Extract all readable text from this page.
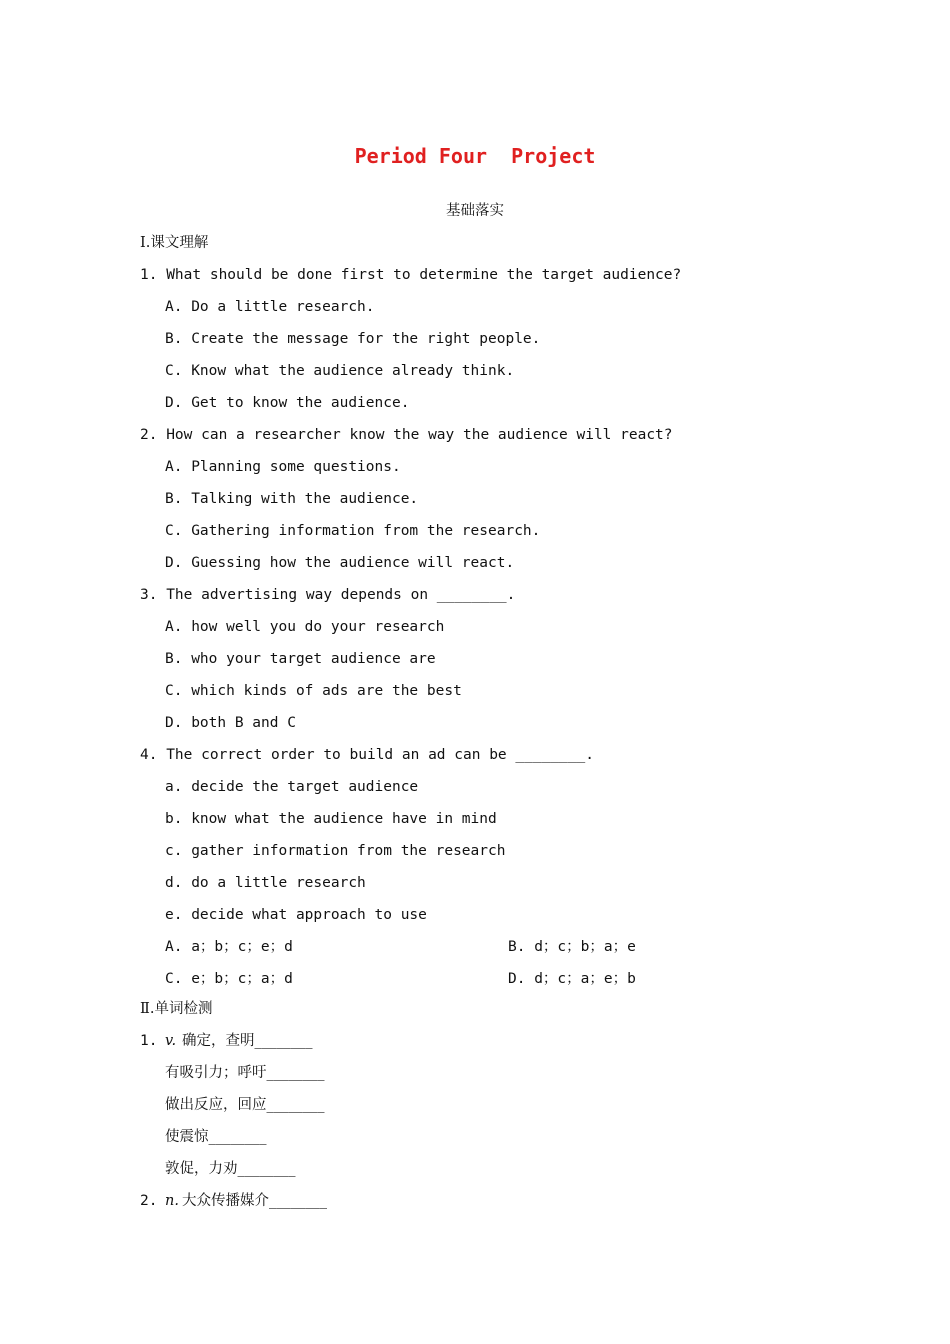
Period Four  Project
基础落实
Ⅰ.课文理解
1. What should be done first to determine the target audience?
A. Do a little research.
B. Create the message for the right people.
C. Know what the audience already think.
D. Get to know the audience.
2. How can a researcher know the way the audience will react?
A. Planning some questions.
B. Talking with the audience.
C. Gathering information from the research.
D. Guessing how the audience will react.
3. The advertising way depends on ________.
A. how well you do your research
B. who your target audience are
C. which kinds of ads are the best
D. both B and C
4. The correct order to build an ad can be ________.
a. decide the target audience
b. know what the audience have in mind
c. gather information from the research
d. do a little research
e. decide what approach to use
A. a；b；c；e；d	B. d；c；b；a；e
C. e；b；c；a；d	D. d；c；a；e；b
Ⅱ.单词检测
1. v. 确定，查明________
有吸引力；呼吁________
做出反应，回应________
使震惊________
敦促，力劝________
2. n. 大众传播媒介________
